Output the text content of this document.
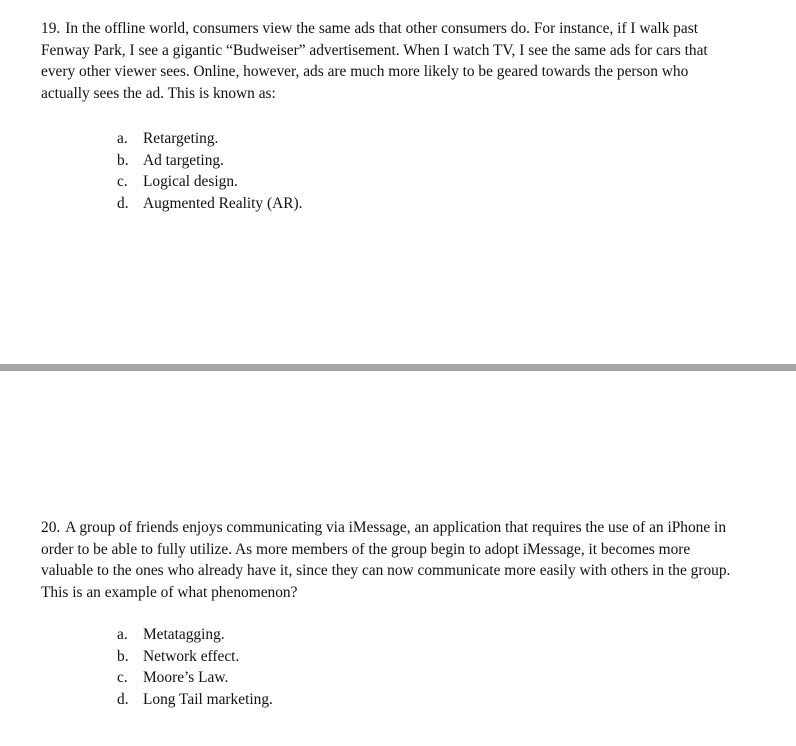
19. In the offline world, consumers view the same ads that other consumers do. For instance, if I walk past Fenway Park, I see a gigantic “Budweiser” advertisement. When I watch TV, I see the same ads for cars that every other viewer sees. Online, however, ads are much more likely to be geared towards the person who actually sees the ad. This is known as:
a. Retargeting.
b. Ad targeting.
c. Logical design.
d. Augmented Reality (AR).
20. A group of friends enjoys communicating via iMessage, an application that requires the use of an iPhone in order to be able to fully utilize. As more members of the group begin to adopt iMessage, it becomes more valuable to the ones who already have it, since they can now communicate more easily with others in the group. This is an example of what phenomenon?
a. Metatagging.
b. Network effect.
c. Moore’s Law.
d. Long Tail marketing.
